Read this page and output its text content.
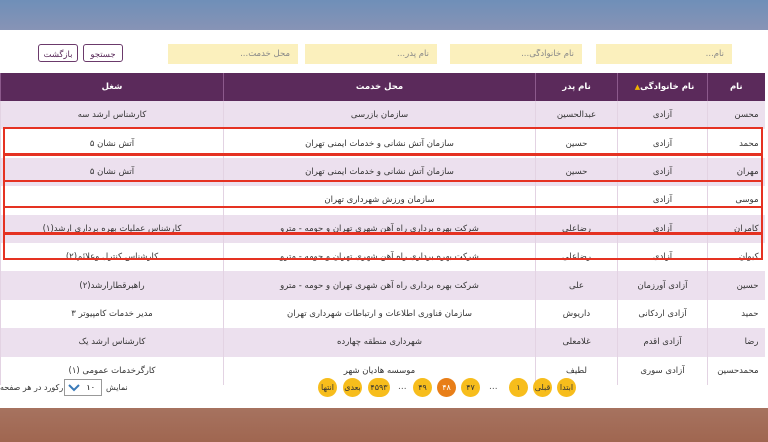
بازگشت	جستجو
محل خدمت...
نام پدر...
نام خانوادگی...
نام...
نام	نام خانوادگی▲	نام پدر	محل خدمت	شغل
محسن	آزادی	عبدالحسین	سازمان بازرسی	کارشناس ارشد سه
محمد	آزادی	حسین	سازمان آتش نشانی و خدمات ایمنی تهران	آتش نشان ۵
مهران	آزادی	حسین	سازمان آتش نشانی و خدمات ایمنی تهران	آتش نشان ۵
موسی	آزادی		سازمان ورزش شهرداری تهران	
کامران	آزادی	رضاعلی	شرکت بهره برداری راه آهن شهری تهران و حومه - مترو	کارشناس عملیات بهره برداری ارشد(۱)
کیوان	آزادی	رضاعلی	شرکت بهره برداری راه آهن شهری تهران و حومه - مترو	کارشناس کنترل وعلائم(۲)
حسین	آزادی آورزمان	علی	شرکت بهره برداری راه آهن شهری تهران و حومه - مترو	راهبرقطارارشد(۲)
حمید	آزادی اردکانی	داریوش	سازمان فناوری اطلاعات و ارتباطات شهرداری تهران	مدیر خدمات کامپیوتر ۳
رضا	آزادی اقدم	غلامعلی	شهرداری منطقه چهارده	کارشناس ارشد یک
محمدحسین	آزادی سوری	لطیف	موسسه هادیان شهر	کارگرخدمات عمومی (۱)
رکورد در هر صفحه	۱۰ نمایش	انتها	بعدی	۴۵۹۳ ...	۴۹	۴۸	۴۷	...	۱	قبلی	ابتدا
